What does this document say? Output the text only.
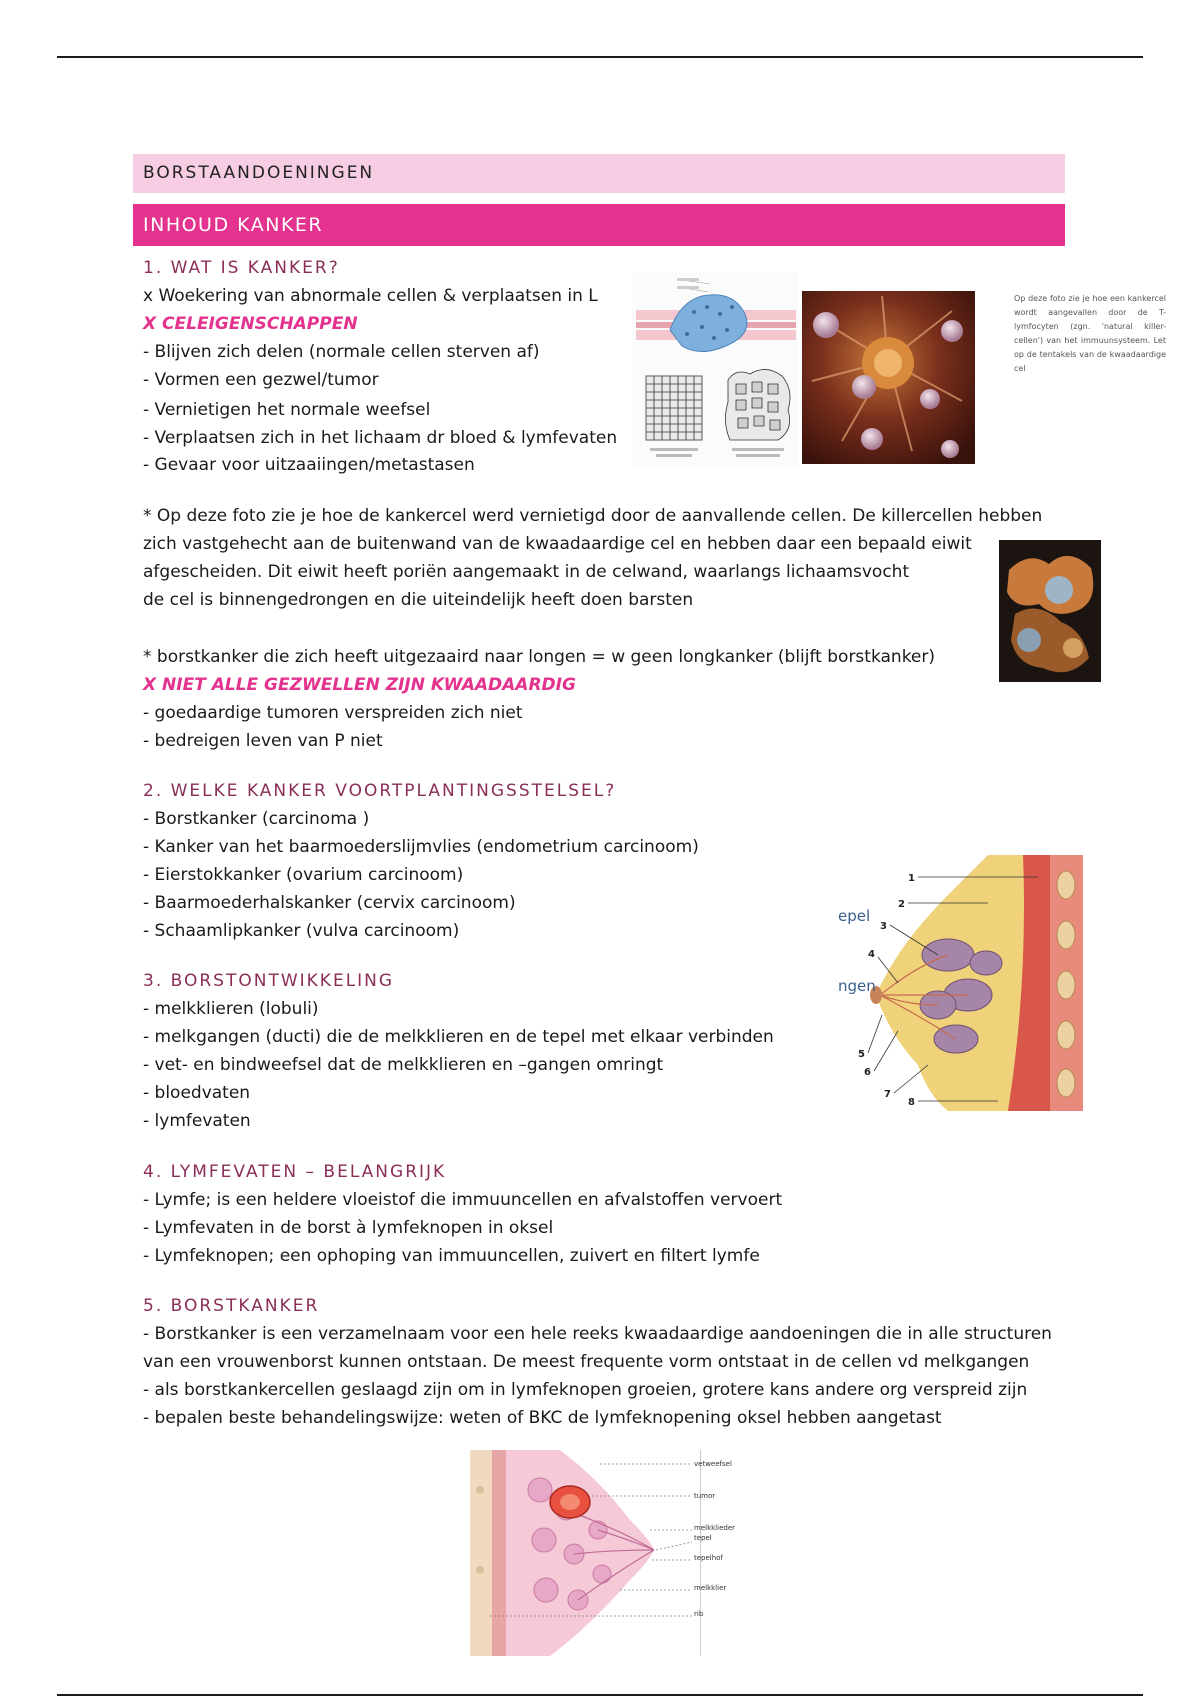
BORSTAANDOENINGEN
INHOUD KANKER
1. WAT IS KANKER?
x Woekering van abnormale cellen & verplaatsen in L
X CELEIGENSCHAPPEN
- Blijven zich delen (normale cellen sterven af)
- Vormen een gezwel/tumor
- Vernietigen het normale weefsel
- Verplaatsen zich in het lichaam dr bloed & lymfevaten
- Gevaar voor uitzaaiingen/metastasen
Op deze foto zie je hoe een kankercel wordt aangevallen door de T-lymfocyten (zgn. 'natural killer-cellen') van het immuunsysteem. Let op de tentakels van de kwaadaardige cel
* Op deze foto zie je hoe de kankercel werd vernietigd door de aanvallende cellen. De killercellen hebben
zich vastgehecht aan de buitenwand van de kwaadaardige cel en hebben daar een bepaald eiwit
afgescheiden. Dit eiwit heeft poriën aangemaakt in de celwand, waarlangs lichaamsvocht
de cel is binnengedrongen en die uiteindelijk heeft doen barsten
* borstkanker die zich heeft uitgezaaird naar longen = w geen longkanker (blijft borstkanker)
X NIET ALLE GEZWELLEN ZIJN KWAADAARDIG
- goedaardige tumoren verspreiden zich niet
- bedreigen leven van P niet
2. WELKE KANKER VOORTPLANTINGSSTELSEL?
- Borstkanker (carcinoma )
- Kanker van het baarmoederslijmvlies (endometrium carcinoom)
- Eierstokkanker (ovarium carcinoom)
- Baarmoederhalskanker (cervix carcinoom)
- Schaamlipkanker (vulva carcinoom)
1
2
3
4
5
6
7
8
epel
ngen
3. BORSTONTWIKKELING
- melkklieren (lobuli)
- melkgangen (ducti) die de melkklieren en de tepel met elkaar verbinden
- vet- en bindweefsel dat de melkklieren en –gangen omringt
- bloedvaten
- lymfevaten
4. LYMFEVATEN – BELANGRIJK
- Lymfe; is een heldere vloeistof die immuuncellen en afvalstoffen vervoert
- Lymfevaten in de borst à lymfeknopen in oksel
- Lymfeknopen; een ophoping van immuuncellen, zuivert en filtert lymfe
5. BORSTKANKER
- Borstkanker is een verzamelnaam voor een hele reeks kwaadaardige aandoeningen die in alle structuren
van een vrouwenborst kunnen ontstaan. De meest frequente vorm ontstaat in de cellen vd melkgangen
- als borstkankercellen geslaagd zijn om in lymfeknopen groeien, grotere kans andere org verspreid zijn
- bepalen beste behandelingswijze: weten of BKC de lymfeknopening oksel hebben aangetast
vetweefsel
tumor
melkklieder
tepel
tepelhof
melkklier
rib
